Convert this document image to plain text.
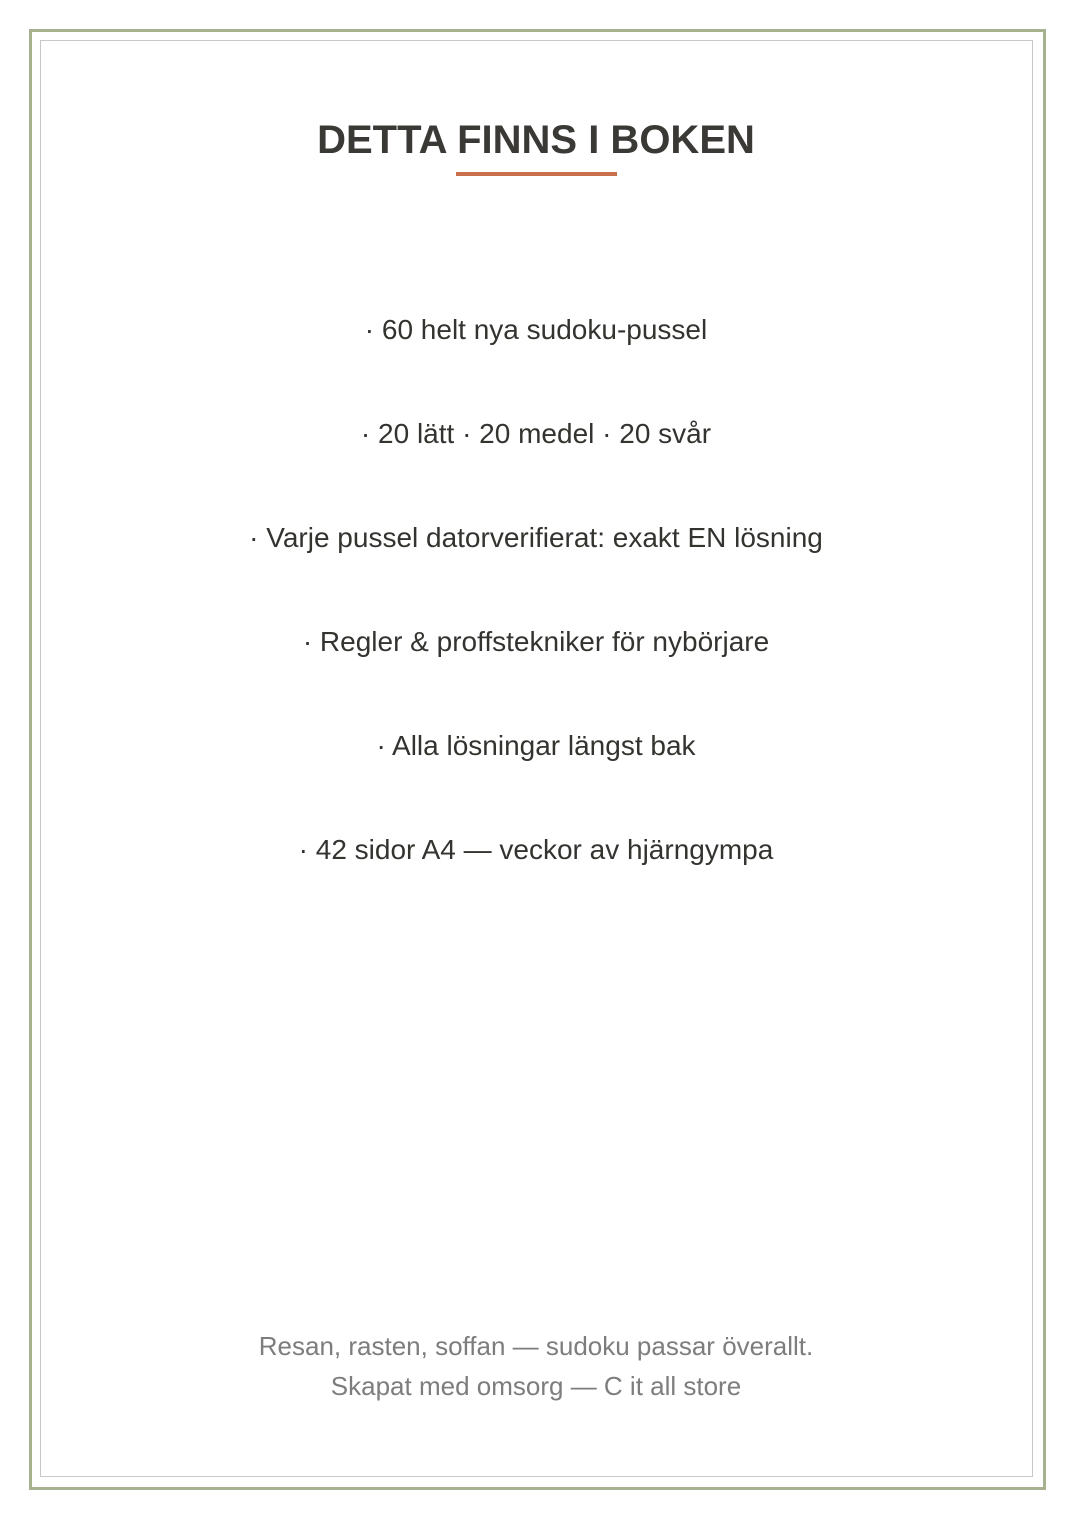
DETTA FINNS I BOKEN
· 60 helt nya sudoku-pussel
· 20 lätt · 20 medel · 20 svår
· Varje pussel datorverifierat: exakt EN lösning
· Regler & proffstekniker för nybörjare
· Alla lösningar längst bak
· 42 sidor A4 — veckor av hjärngympa
Resan, rasten, soffan — sudoku passar överallt.
Skapat med omsorg — C it all store
